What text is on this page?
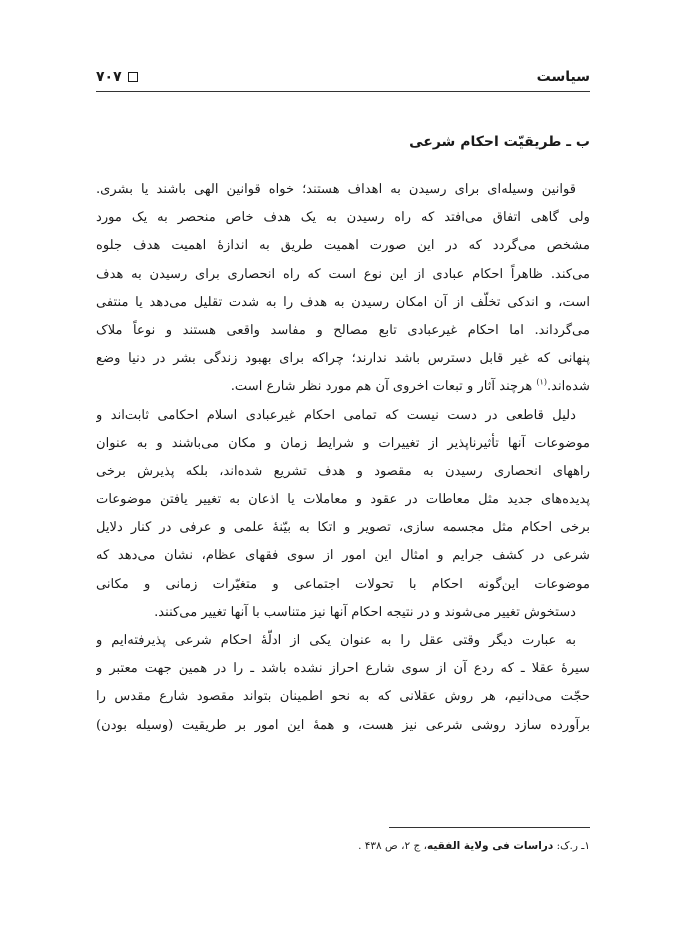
سیاست
۷۰۷
ب ـ طریقیّت احکام شرعی
قوانین وسیله‌ای برای رسیدن به اهداف هستند؛ خواه قوانین الهی باشند یا بشری.
ولی گاهی اتفاق می‌افتد که راه رسیدن به یک هدف خاص منحصر به یک مورد
مشخص می‌گردد که در این صورت اهمیت طریق به اندازهٔ اهمیت هدف جلوه
می‌کند. ظاهراً احکام عبادی از این نوع است که راه انحصاری برای رسیدن به هدف
است، و اندکی تخلّف از آن امکان رسیدن به هدف را به شدت تقلیل می‌دهد یا منتفی
می‌گرداند. اما احکام غیرعبادی تابع مصالح و مفاسد واقعی هستند و نوعاً ملاک
پنهانی که غیر قابل دسترس باشد ندارند؛ چراکه برای بهبود زندگی بشر در دنیا وضع
شده‌اند.$^{(۱)}$ هرچند آثار و تبعات اخروی آن هم مورد نظر شارع است.
دلیل قاطعی در دست نیست که تمامی احکام غیرعبادی اسلام احکامی ثابت‌اند و
موضوعات آنها تأثیرناپذیر از تغییرات و شرایط زمان و مکان می‌باشند و به عنوان
راههای انحصاری رسیدن به مقصود و هدف تشریع شده‌اند، بلکه پذیرش برخی
پدیده‌های جدید مثل معاطات در عقود و معاملات یا اذعان به تغییر یافتن موضوعات
برخی احکام مثل مجسمه سازی، تصویر و اتکا به بیّنهٔ علمی و عرفی در کنار دلایل
شرعی در کشف جرایم و امثال این امور از سوی فقهای عظام، نشان می‌دهد که
موضوعات این‌گونه احکام با تحولات اجتماعی و متغیّرات زمانی و مکانی
دستخوش تغییر می‌شوند و در نتیجه احکام آنها نیز متناسب با آنها تغییر می‌کنند.
به عبارت دیگر وقتی عقل را به عنوان یکی از ادلّهٔ احکام شرعی پذیرفته‌ایم و
سیرهٔ عقلا ـ که ردع آن از سوی شارع احراز نشده باشد ـ را در همین جهت معتبر و
حجّت می‌دانیم، هر روش عقلانی که به نحو اطمینان بتواند مقصود شارع مقدس را
برآورده سازد روشی شرعی نیز هست، و همهٔ این امور بر طریقیت (وسیله بودن)
۱ـ ر.ک: دراسات فی ولایة الفقیه، ج ۲، ص ۴۳۸ .
